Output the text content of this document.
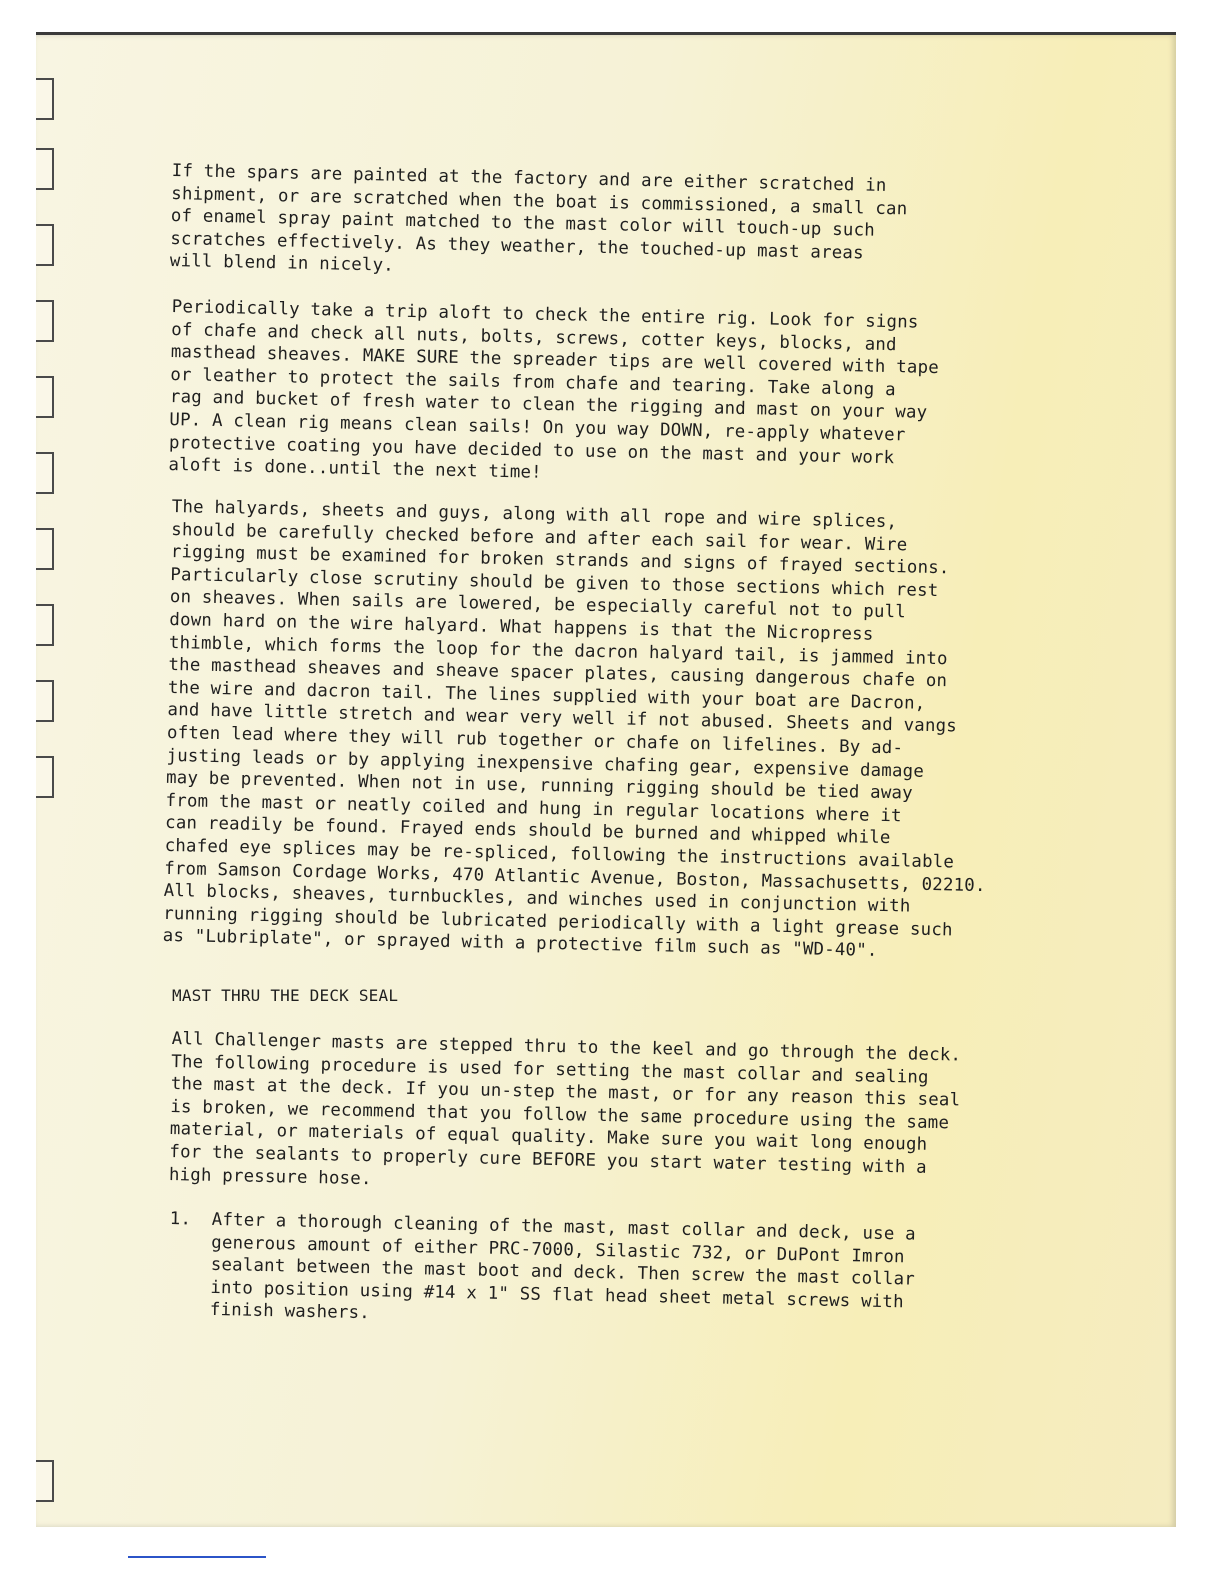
If the spars are painted at the factory and are either scratched in
shipment, or are scratched when the boat is commissioned, a small can
of enamel spray paint matched to the mast color will touch-up such
scratches effectively. As they weather, the touched-up mast areas
will blend in nicely.

Periodically take a trip aloft to check the entire rig. Look for signs
of chafe and check all nuts, bolts, screws, cotter keys, blocks, and
masthead sheaves. MAKE SURE the spreader tips are well covered with tape
or leather to protect the sails from chafe and tearing. Take along a
rag and bucket of fresh water to clean the rigging and mast on your way
UP. A clean rig means clean sails! On you way DOWN, re-apply whatever
protective coating you have decided to use on the mast and your work
aloft is done..until the next time!

The halyards, sheets and guys, along with all rope and wire splices,
should be carefully checked before and after each sail for wear. Wire
rigging must be examined for broken strands and signs of frayed sections.
Particularly close scrutiny should be given to those sections which rest
on sheaves. When sails are lowered, be especially careful not to pull
down hard on the wire halyard. What happens is that the Nicropress
thimble, which forms the loop for the dacron halyard tail, is jammed into
the masthead sheaves and sheave spacer plates, causing dangerous chafe on
the wire and dacron tail. The lines supplied with your boat are Dacron,
and have little stretch and wear very well if not abused. Sheets and vangs
often lead where they will rub together or chafe on lifelines. By ad-
justing leads or by applying inexpensive chafing gear, expensive damage
may be prevented. When not in use, running rigging should be tied away
from the mast or neatly coiled and hung in regular locations where it
can readily be found. Frayed ends should be burned and whipped while
chafed eye splices may be re-spliced, following the instructions available
from Samson Cordage Works, 470 Atlantic Avenue, Boston, Massachusetts, 02210.
All blocks, sheaves, turnbuckles, and winches used in conjunction with
running rigging should be lubricated periodically with a light grease such
as "Lubriplate", or sprayed with a protective film such as "WD-40".

MAST THRU THE DECK SEAL

All Challenger masts are stepped thru to the keel and go through the deck.
The following procedure is used for setting the mast collar and sealing
the mast at the deck. If you un-step the mast, or for any reason this seal
is broken, we recommend that you follow the same procedure using the same
material, or materials of equal quality. Make sure you wait long enough
for the sealants to properly cure BEFORE you start water testing with a
high pressure hose.

1. After a thorough cleaning of the mast, mast collar and deck, use a
generous amount of either PRC-7000, Silastic 732, or DuPont Imron
sealant between the mast boot and deck. Then screw the mast collar
into position using #14 x 1" SS flat head sheet metal screws with
finish washers.
